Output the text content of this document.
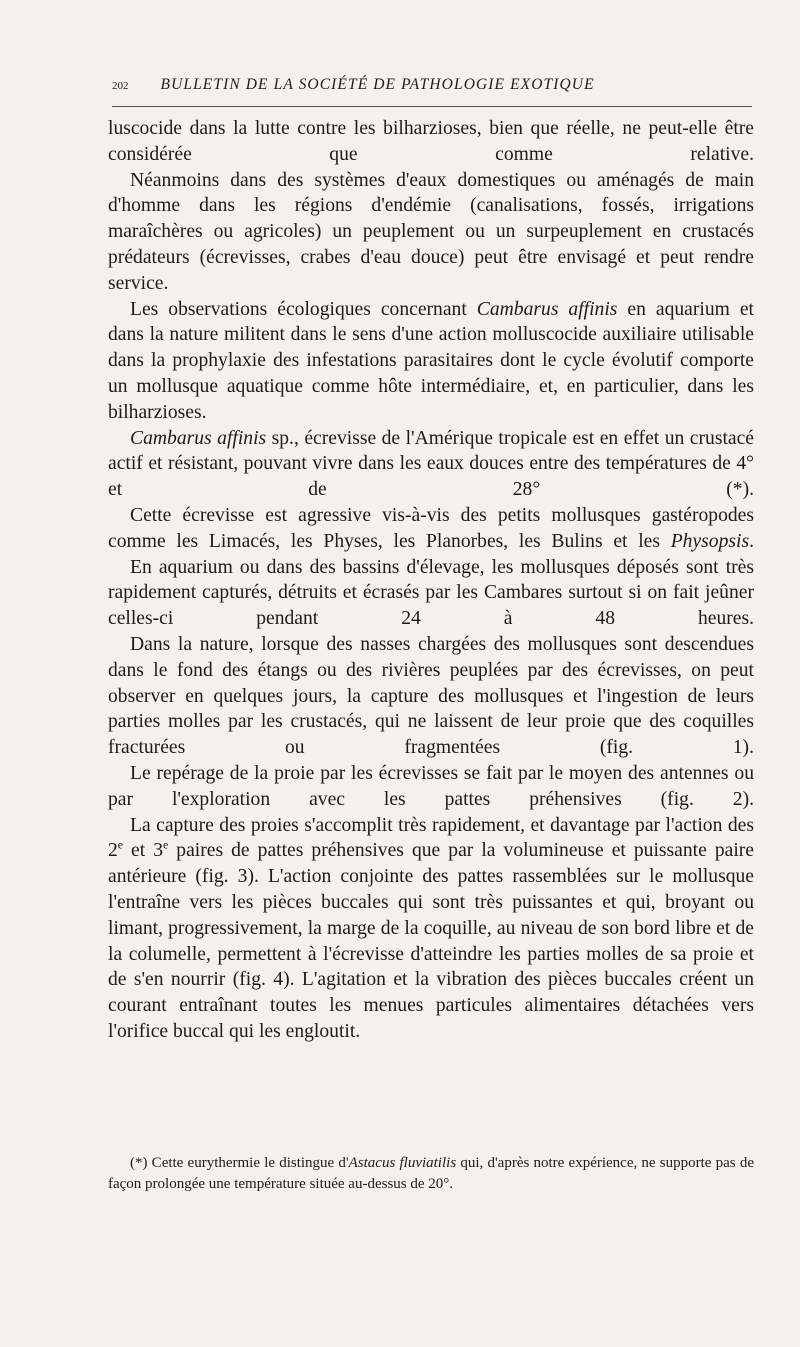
202 BULLETIN DE LA SOCIÉTÉ DE PATHOLOGIE EXOTIQUE

luscocide dans la lutte contre les bilharzioses, bien que réelle, ne peut-elle être considérée que comme relative.

Néanmoins dans des systèmes d'eaux domestiques ou aménagés de main d'homme dans les régions d'endémie (canalisations, fossés, irrigations maraîchères ou agricoles) un peuplement ou un surpeuplement en crustacés prédateurs (écrevisses, crabes d'eau douce) peut être envisagé et peut rendre service.

Les observations écologiques concernant Cambarus affinis en aquarium et dans la nature militent dans le sens d'une action molluscocide auxiliaire utilisable dans la prophylaxie des infestations parasitaires dont le cycle évolutif comporte un mollusque aquatique comme hôte intermédiaire, et, en particulier, dans les bilharzioses.

Cambarus affinis sp., écrevisse de l'Amérique tropicale est en effet un crustacé actif et résistant, pouvant vivre dans les eaux douces entre des températures de 4° et de 28° (*).

Cette écrevisse est agressive vis-à-vis des petits mollusques gastéropodes comme les Limacés, les Physes, les Planorbes, les Bulins et les Physopsis.

En aquarium ou dans des bassins d'élevage, les mollusques déposés sont très rapidement capturés, détruits et écrasés par les Cambares surtout si on fait jeûner celles-ci pendant 24 à 48 heures.

Dans la nature, lorsque des nasses chargées des mollusques sont descendues dans le fond des étangs ou des rivières peuplées par des écrevisses, on peut observer en quelques jours, la capture des mollusques et l'ingestion de leurs parties molles par les crustacés, qui ne laissent de leur proie que des coquilles fracturées ou fragmentées (fig. 1).

Le repérage de la proie par les écrevisses se fait par le moyen des antennes ou par l'exploration avec les pattes préhensives (fig. 2).

La capture des proies s'accomplit très rapidement, et davantage par l'action des 2e et 3e paires de pattes préhensives que par la volumineuse et puissante paire antérieure (fig. 3). L'action conjointe des pattes rassemblées sur le mollusque l'entraîne vers les pièces buccales qui sont très puissantes et qui, broyant ou limant, progressivement, la marge de la coquille, au niveau de son bord libre et de la columelle, permettent à l'écrevisse d'atteindre les parties molles de sa proie et de s'en nourrir (fig. 4). L'agitation et la vibration des pièces buccales créent un courant entraînant toutes les menues particules alimentaires détachées vers l'orifice buccal qui les engloutit.

(*) Cette eurythermie le distingue d'Astacus fluviatilis qui, d'après notre expérience, ne supporte pas de façon prolongée une température située au-dessus de 20°.
